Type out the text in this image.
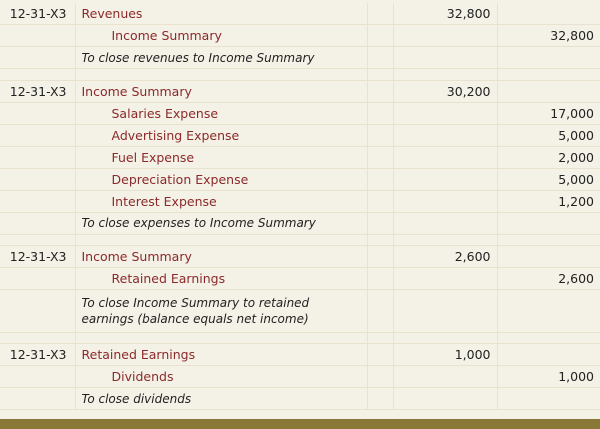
12-31-X3	Revenues		32,800	
	Income Summary			32,800
	To close revenues to Income Summary			

12-31-X3	Income Summary		30,200	
	Salaries Expense			17,000
	Advertising Expense			5,000
	Fuel Expense			2,000
	Depreciation Expense			5,000
	Interest Expense			1,200
	To close expenses to Income Summary			

12-31-X3	Income Summary		2,600	
	Retained Earnings			2,600
	To close Income Summary to retained earnings (balance equals net income)			

12-31-X3	Retained Earnings		1,000	
	Dividends			1,000
	To close dividends			
